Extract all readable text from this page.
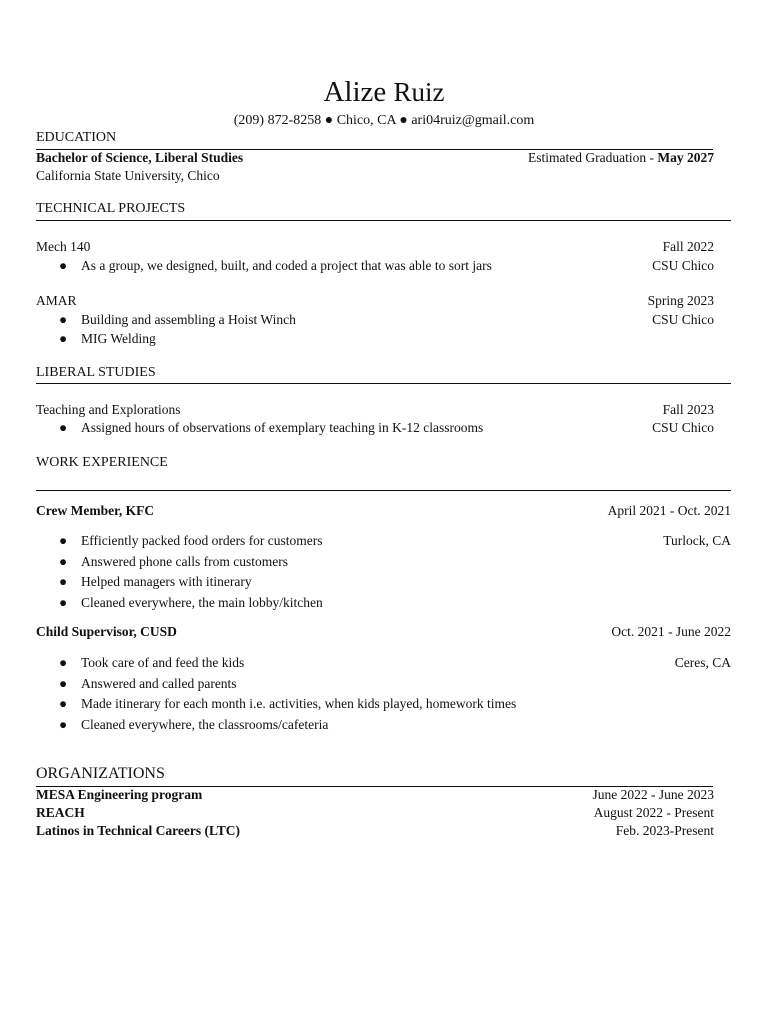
Alize Ruiz
(209) 872-8258 ● Chico, CA ● ari04ruiz@gmail.com
EDUCATION
Bachelor of Science, Liberal Studies	Estimated Graduation - May 2027
California State University, Chico
TECHNICAL PROJECTS
Mech 140	Fall 2022
● As a group, we designed, built, and coded a project that was able to sort jars	CSU Chico
AMAR	Spring 2023
● Building and assembling a Hoist Winch	CSU Chico
● MIG Welding
LIBERAL STUDIES
Teaching and Explorations	Fall 2023
● Assigned hours of observations of exemplary teaching in K-12 classrooms	CSU Chico
WORK EXPERIENCE
Crew Member, KFC	April 2021 - Oct. 2021
● Efficiently packed food orders for customers	Turlock, CA
● Answered phone calls from customers
● Helped managers with itinerary
● Cleaned everywhere, the main lobby/kitchen
Child Supervisor, CUSD	Oct. 2021 - June 2022
● Took care of and feed the kids	Ceres, CA
● Answered and called parents
● Made itinerary for each month i.e. activities, when kids played, homework times
● Cleaned everywhere, the classrooms/cafeteria
ORGANIZATIONS
MESA Engineering program	June 2022 - June 2023
REACH	August 2022 - Present
Latinos in Technical Careers (LTC)	Feb. 2023-Present
